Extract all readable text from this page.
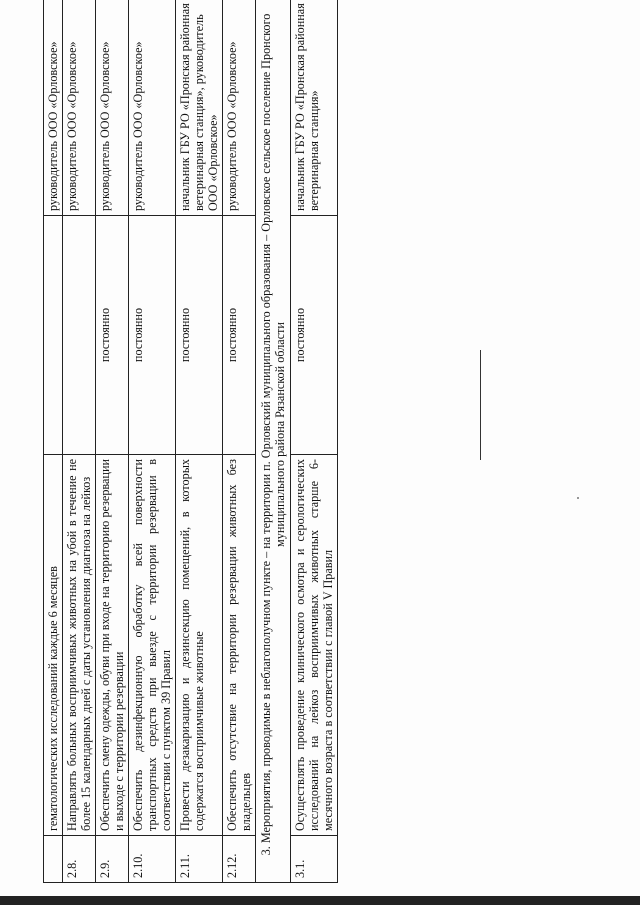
	гематологических исследований каждые 6 месяцев		руководитель ООО «Орловское»
2.8.	Направлять больных восприимчивых животных на убой в течение не более 15 календарных дней с даты установления диагноза на лейкоз		руководитель ООО «Орловское»
2.9.	Обеспечить смену одежды, обуви при входе на территорию резервации и выходе с территории резервации	постоянно	руководитель ООО «Орловское»
2.10.	Обеспечить дезинфекционную обработку всей поверхности транспортных средств при выезде с территории резервации в соответствии с пунктом 39 Правил	постоянно	руководитель ООО «Орловское»
2.11.	Провести дезакаризацию и дезинсекцию помещений, в которых содержатся восприимчивые животные	постоянно	начальник ГБУ РО «Пронская районная ветеринарная станция», руководитель ООО «Орловское»
2.12.	Обеспечить отсутствие на территории резервации животных без владельцев	постоянно	руководитель ООО «Орловское»
3. Мероприятия, проводимые в неблагополучном пункте – на территории п. Орловский муниципального образования – Орловское сельское поселение Пронского муниципального района Рязанской области			
3.1.	Осуществлять проведение клинического осмотра и серологических исследований на лейкоз восприимчивых животных старше 6-месячного возраста в соответствии с главой V Правил	постоянно	начальник ГБУ РО «Пронская районная ветеринарная станция»
